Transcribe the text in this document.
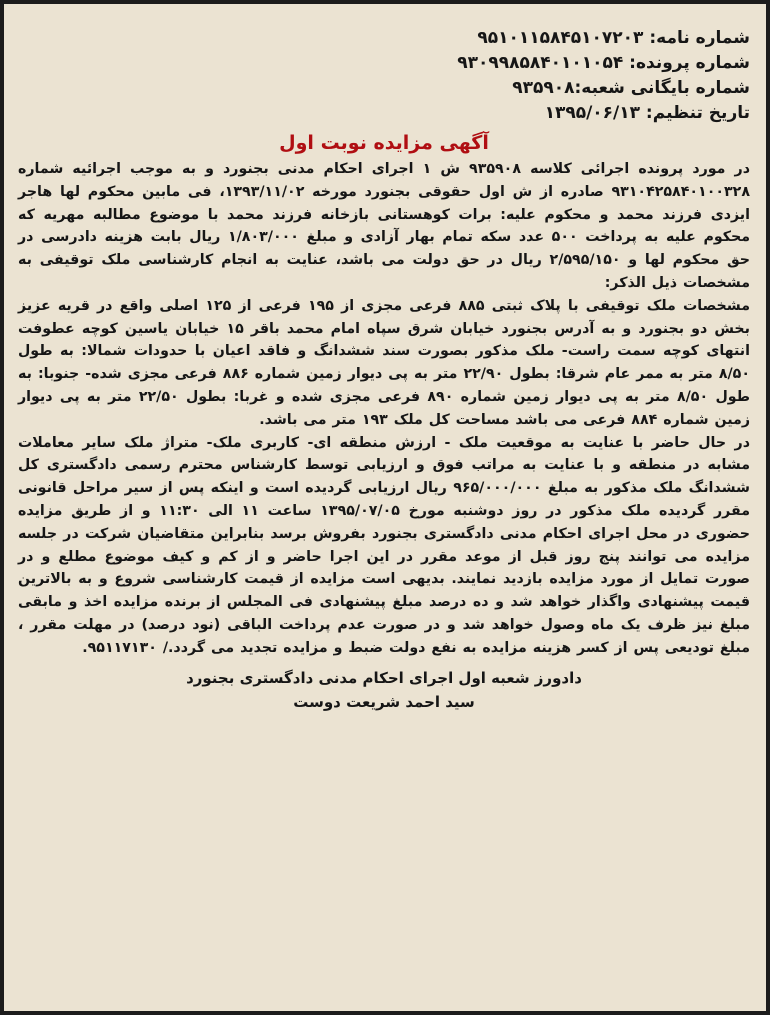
شماره نامه: ۹۵۱۰۱۱۵۸۴۵۱۰۷۲۰۳
شماره پرونده: ۹۳۰۹۹۸۵۸۴۰۱۰۱۰۵۴
شماره بایگانی شعبه:۹۳۵۹۰۸
تاریخ تنظیم: ۱۳۹۵/۰۶/۱۳
آگهی مزایده نوبت اول

در مورد پرونده اجرائی کلاسه ۹۳۵۹۰۸ ش ۱ اجرای احکام مدنی بجنورد و به موجب اجرائیه شماره ۹۳۱۰۴۲۵۸۴۰۱۰۰۳۲۸ صادره از ش اول حقوقی بجنورد مورخه ۱۳۹۳/۱۱/۰۲، فی مابین محکوم لها هاجر ایزدی فرزند محمد و محکوم علیه: برات کوهستانی بازخانه فرزند محمد با موضوع مطالبه مهریه که محکوم علیه به پرداخت ۵۰۰ عدد سکه تمام بهار آزادی و مبلغ ۱/۸۰۳/۰۰۰ ریال بابت هزینه دادرسی در حق محکوم لها و ۲/۵۹۵/۱۵۰ ریال در حق دولت می باشد، عنایت به انجام کارشناسی ملک توقیفی به مشخصات ذیل الذکر:

مشخصات ملک توقیفی با پلاک ثبتی ۸۸۵ فرعی مجزی از ۱۹۵ فرعی از ۱۲۵ اصلی واقع در قریه عزیز بخش دو بجنورد و به آدرس بجنورد خیابان شرق سپاه امام محمد باقر ۱۵ خیابان یاسین کوچه عطوفت انتهای کوچه سمت راست- ملک مذکور بصورت سند ششدانگ و فاقد اعیان با حدودات شمالا: به طول ۸/۵۰ متر به ممر عام شرقا: بطول ۲۲/۹۰ متر به پی دیوار زمین شماره ۸۸۶ فرعی مجزی شده- جنوبا: به طول ۸/۵۰ متر به پی دیوار زمین شماره ۸۹۰ فرعی مجزی شده و غربا: بطول ۲۲/۵۰ متر به پی دیوار زمین شماره ۸۸۴ فرعی می باشد مساحت کل ملک ۱۹۳ متر می باشد.

در حال حاضر با عنایت به موقعیت ملک - ارزش منطقه ای- کاربری ملک- متراژ ملک سایر معاملات مشابه در منطقه و با عنایت به مراتب فوق و ارزیابی توسط کارشناس محترم رسمی دادگستری کل ششدانگ ملک مذکور به مبلغ ۹۶۵/۰۰۰/۰۰۰ ریال ارزیابی گردیده است و اینکه پس از سیر مراحل قانونی مقرر گردیده ملک مذکور در روز دوشنبه مورخ ۱۳۹۵/۰۷/۰۵ ساعت ۱۱ الی ۱۱:۳۰ و از طریق مزایده حضوری در محل اجرای احکام مدنی دادگستری بجنورد بفروش برسد بنابراین متقاضیان شرکت در جلسه مزایده می توانند پنج روز قبل از موعد مقرر در این اجرا حاضر و از کم و کیف موضوع مطلع و در صورت تمایل از مورد مزایده بازدید نمایند. بدیهی است مزایده از قیمت کارشناسی شروع و به بالاترین قیمت پیشنهادی واگذار خواهد شد و ده درصد مبلغ پیشنهادی فی المجلس از برنده مزایده اخذ و مابقی مبلغ نیز ظرف یک ماه وصول خواهد شد و در صورت عدم پرداخت الباقی (نود درصد) در مهلت مقرر ، مبلغ تودیعی پس از کسر هزینه مزایده به نفع دولت ضبط و مزایده تجدید می گردد./ ۹۵۱۱۷۱۳۰.

دادورز شعبه اول اجرای احکام مدنی دادگستری بجنورد
سید احمد شریعت دوست
